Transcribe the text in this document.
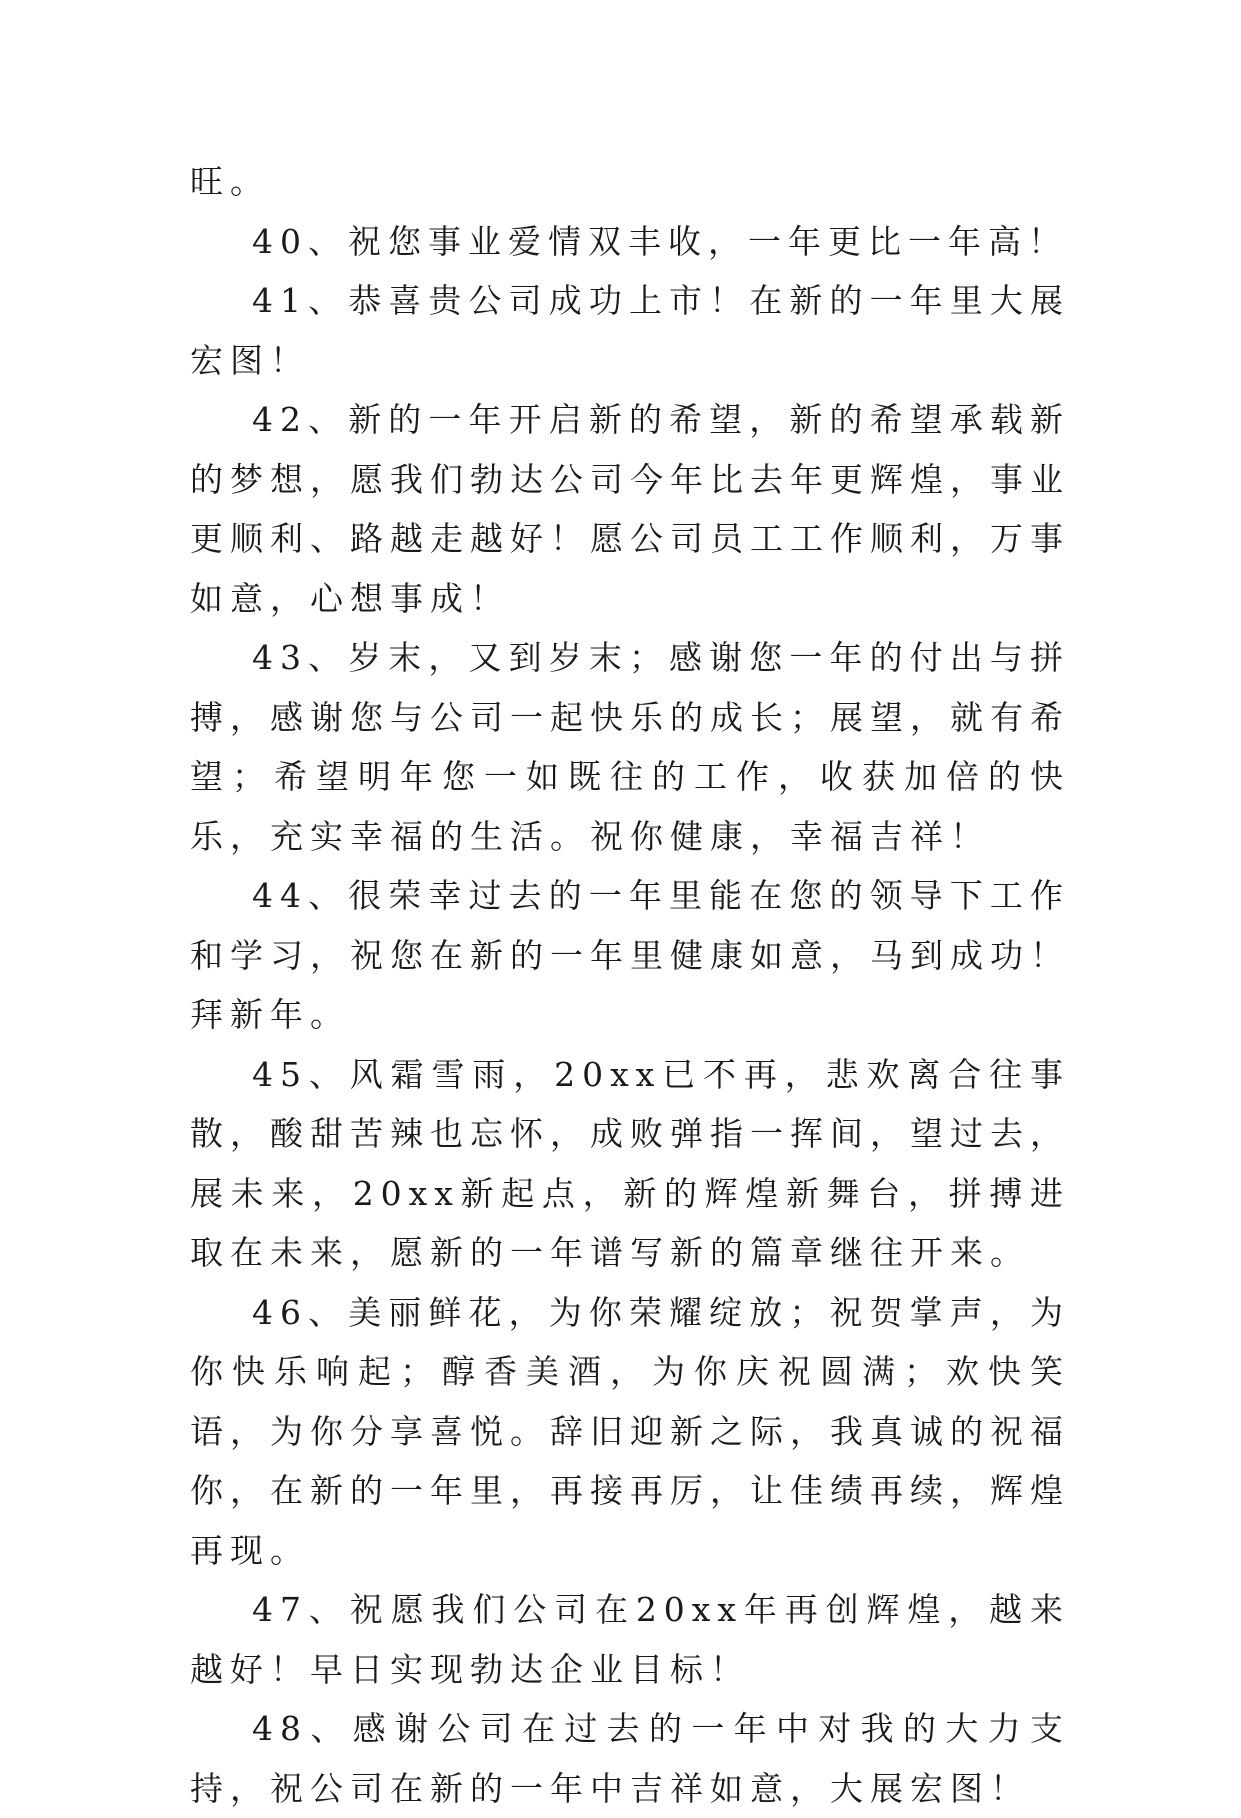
旺。

40、祝您事业爱情双丰收，一年更比一年高！

41、恭喜贵公司成功上市！在新的一年里大展宏图！

42、新的一年开启新的希望，新的希望承载新的梦想，愿我们勃达公司今年比去年更辉煌，事业更顺利、路越走越好！愿公司员工工作顺利，万事如意，心想事成！

43、岁末，又到岁末；感谢您一年的付出与拼搏，感谢您与公司一起快乐的成长；展望，就有希望；希望明年您一如既往的工作，收获加倍的快乐，充实幸福的生活。祝你健康，幸福吉祥！

44、很荣幸过去的一年里能在您的领导下工作和学习，祝您在新的一年里健康如意，马到成功！拜新年。

45、风霜雪雨，20xx已不再，悲欢离合往事散，酸甜苦辣也忘怀，成败弹指一挥间，望过去，展未来，20xx新起点，新的辉煌新舞台，拼搏进取在未来，愿新的一年谱写新的篇章继往开来。

46、美丽鲜花，为你荣耀绽放；祝贺掌声，为你快乐响起；醇香美酒，为你庆祝圆满；欢快笑语，为你分享喜悦。辞旧迎新之际，我真诚的祝福你，在新的一年里，再接再厉，让佳绩再续，辉煌再现。

47、祝愿我们公司在20xx年再创辉煌，越来越好！早日实现勃达企业目标！

48、感谢公司在过去的一年中对我的大力支持，祝公司在新的一年中吉祥如意，大展宏图！
